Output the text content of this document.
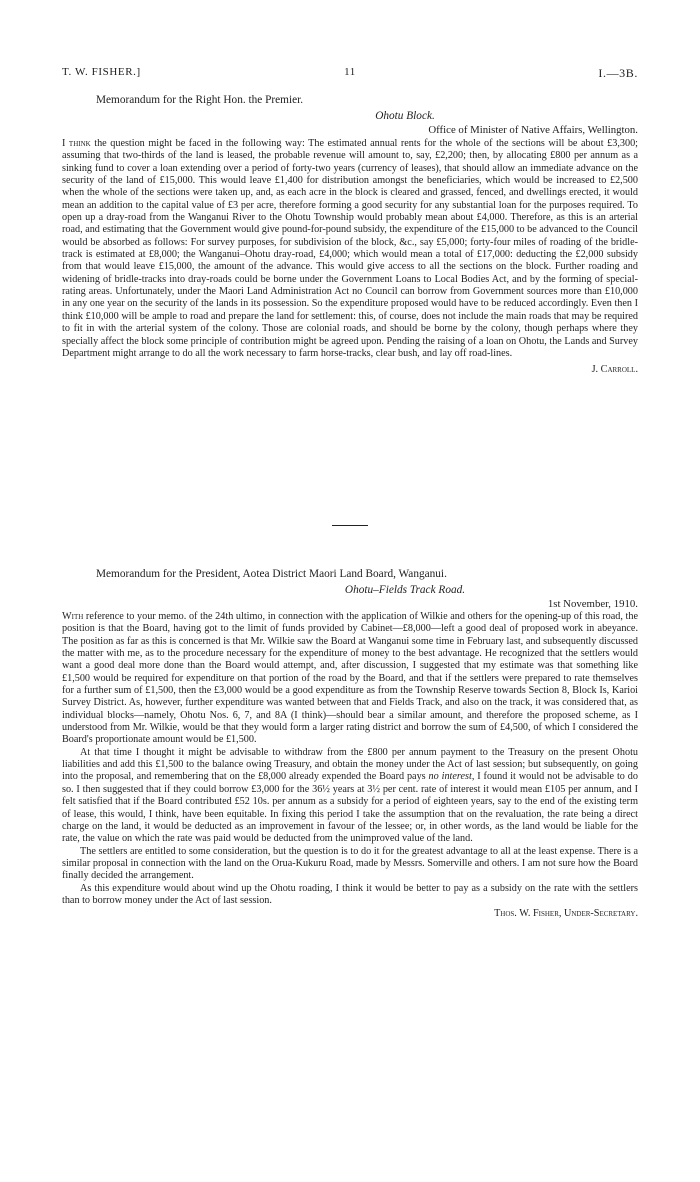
T. W. FISHER.]	11	I.—3B.

Memorandum for the Right Hon. the Premier.

Ohotu Block.

Office of Minister of Native Affairs, Wellington.

I think the question might be faced in the following way: The estimated annual rents for the whole of the sections will be about £3,300; assuming that two-thirds of the land is leased, the probable revenue will amount to, say, £2,200; then, by allocating £800 per annum as a sinking fund to cover a loan extending over a period of forty-two years (currency of leases), that should allow an immediate advance on the security of the land of £15,000. This would leave £1,400 for distribution amongst the beneficiaries, which would be increased to £2,500 when the whole of the sections were taken up, and, as each acre in the block is cleared and grassed, fenced, and dwellings erected, it would mean an addition to the capital value of £3 per acre, therefore forming a good security for any substantial loan for the purposes required. To open up a dray-road from the Wanganui River to the Ohotu Township would probably mean about £4,000. Therefore, as this is an arterial road, and estimating that the Government would give pound-for-pound subsidy, the expenditure of the £15,000 to be advanced to the Council would be absorbed as follows: For survey purposes, for subdivision of the block, &c., say £5,000; forty-four miles of roading of the bridle-track is estimated at £8,000; the Wanganui–Ohotu dray-road, £4,000; which would mean a total of £17,000: deducting the £2,000 subsidy from that would leave £15,000, the amount of the advance. This would give access to all the sections on the block. Further roading and widening of bridle-tracks into dray-roads could be borne under the Government Loans to Local Bodies Act, and by the forming of special-rating areas. Unfortunately, under the Maori Land Administration Act no Council can borrow from Government sources more than £10,000 in any one year on the security of the lands in its possession. So the expenditure proposed would have to be reduced accordingly. Even then I think £10,000 will be ample to road and prepare the land for settlement: this, of course, does not include the main roads that may be required to fit in with the arterial system of the colony. Those are colonial roads, and should be borne by the colony, though perhaps where they specially affect the block some principle of contribution might be agreed upon. Pending the raising of a loan on Ohotu, the Lands and Survey Department might arrange to do all the work necessary to farm horse-tracks, clear bush, and lay off road-lines.

J. Carroll.

Memorandum for the President, Aotea District Maori Land Board, Wanganui.

Ohotu–Fields Track Road.

1st November, 1910.

With reference to your memo. of the 24th ultimo, in connection with the application of Wilkie and others for the opening-up of this road, the position is that the Board, having got to the limit of funds provided by Cabinet—£8,000—left a good deal of proposed work in abeyance. The position as far as this is concerned is that Mr. Wilkie saw the Board at Wanganui some time in February last, and subsequently discussed the matter with me, as to the procedure necessary for the expenditure of money to the best advantage. He recognized that the settlers would want a good deal more done than the Board would attempt, and, after discussion, I suggested that my estimate was that something like £1,500 would be required for expenditure on that portion of the road by the Board, and that if the settlers were prepared to rate themselves for a further sum of £1,500, then the £3,000 would be a good expenditure as from the Township Reserve towards Section 8, Block Is, Karioi Survey District. As, however, further expenditure was wanted between that and Fields Track, and also on the track, it was considered that, as individual blocks—namely, Ohotu Nos. 6, 7, and 8A (I think)—should bear a similar amount, and therefore the proposed scheme, as I understood from Mr. Wilkie, would be that they would form a larger rating district and borrow the sum of £4,500, of which I considered the Board's proportionate amount would be £1,500.

At that time I thought it might be advisable to withdraw from the £800 per annum payment to the Treasury on the present Ohotu liabilities and add this £1,500 to the balance owing Treasury, and obtain the money under the Act of last session; but subsequently, on going into the proposal, and remembering that on the £8,000 already expended the Board pays no interest, I found it would not be advisable to do so. I then suggested that if they could borrow £3,000 for the 36½ years at 3½ per cent. rate of interest it would mean £105 per annum, and I felt satisfied that if the Board contributed £52 10s. per annum as a subsidy for a period of eighteen years, say to the end of the existing term of lease, this would, I think, have been equitable. In fixing this period I take the assumption that on the revaluation, the rate being a direct charge on the land, it would be deducted as an improvement in favour of the lessee; or, in other words, as the land would be liable for the rate, the value on which the rate was paid would be deducted from the unimproved value of the land.

The settlers are entitled to some consideration, but the question is to do it for the greatest advantage to all at the least expense. There is a similar proposal in connection with the land on the Orua-Kukuru Road, made by Messrs. Somerville and others. I am not sure how the Board finally decided the arrangement.

As this expenditure would about wind up the Ohotu roading, I think it would be better to pay as a subsidy on the rate with the settlers than to borrow money under the Act of last session.

Thos. W. Fisher, Under-Secretary.
